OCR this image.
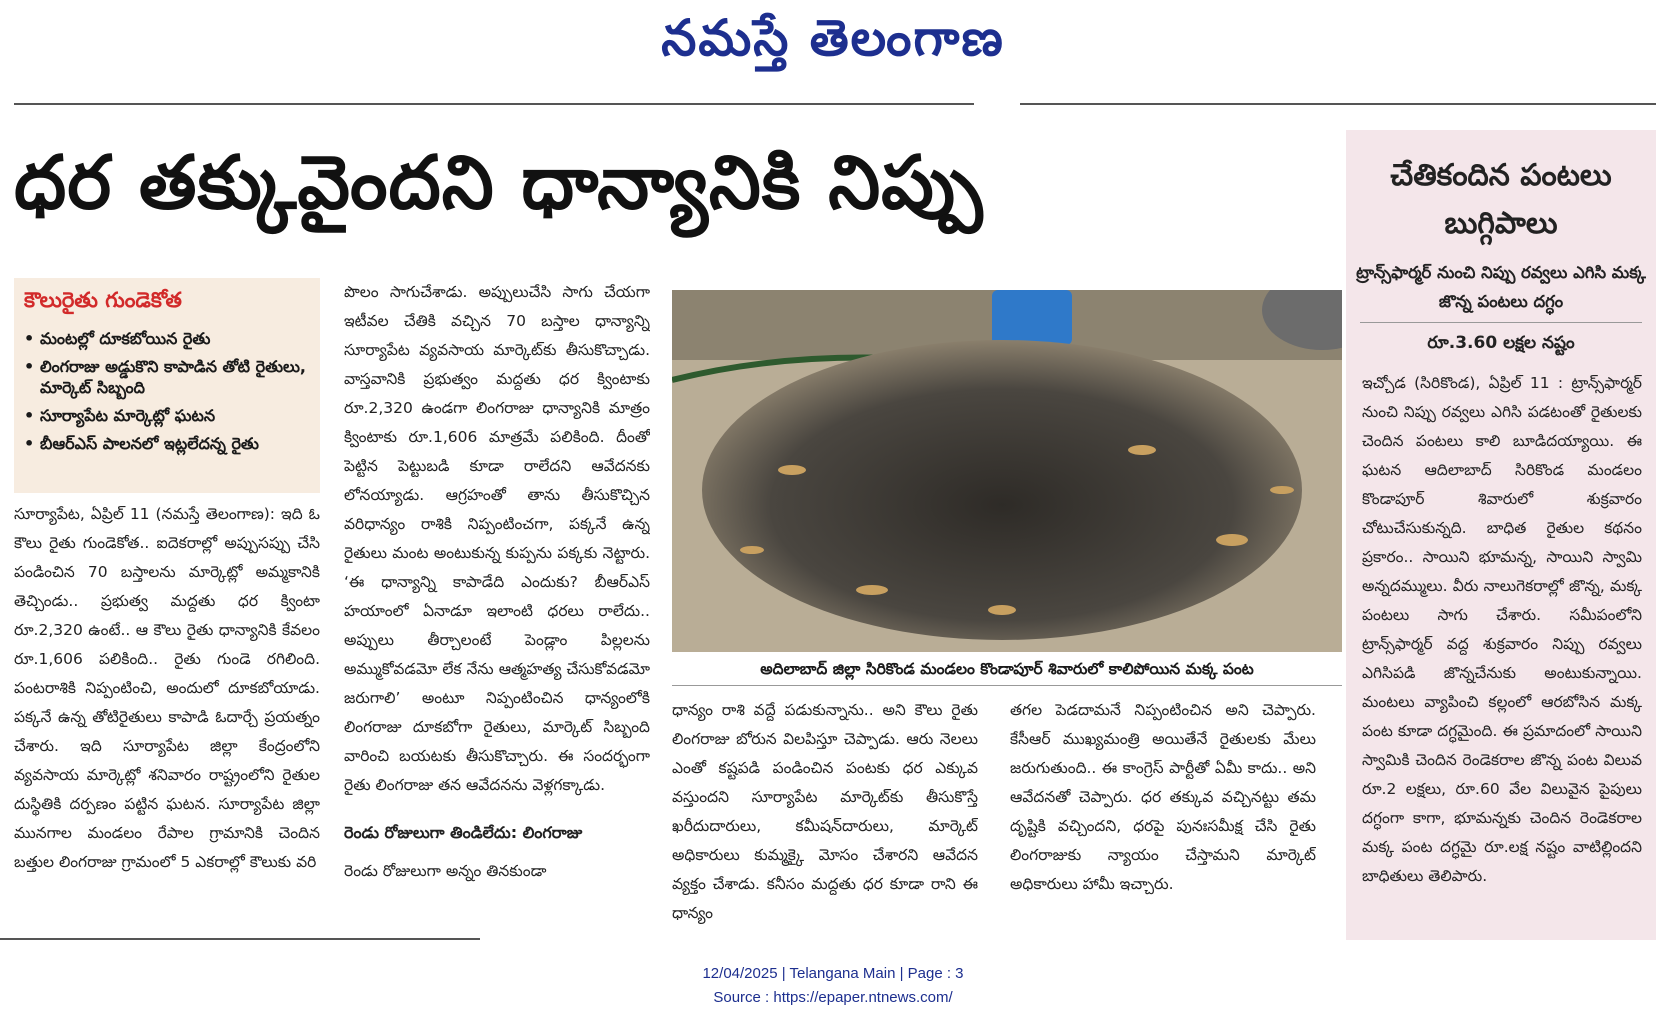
నమస్తే తెలంగాణ
ధర తక్కువైందని ధాన్యానికి నిప్పు
కౌలురైతు గుండెకోత
• మంటల్లో దూకబోయిన రైతు
• లింగరాజు అడ్డుకొని కాపాడిన తోటి రైతులు, మార్కెట్ సిబ్బంది
• సూర్యాపేట మార్కెట్లో ఘటన
• బీఆర్ఎస్ పాలనలో ఇట్లలేదన్న రైతు

సూర్యాపేట, ఏప్రిల్ 11 (నమస్తే తెలంగాణ): ఇది ఓ కౌలు రైతు గుండెకోత.. ఐదెకరాల్లో అప్పుసప్పు చేసి పండించిన 70 బస్తాలను మార్కెట్లో అమ్మకానికి తెచ్చిండు.. ప్రభుత్వ మద్దతు ధర క్వింటా రూ.2,320 ఉంటే.. ఆ కౌలు రైతు ధాన్యానికి కేవలం రూ.1,606 పలికింది.. రైతు గుండె రగిలింది. పంటరాశికి నిప్పంటించి, అందులో దూకబోయాడు. పక్కనే ఉన్న తోటిరైతులు కాపాడి ఓదార్చే ప్రయత్నం చేశారు. ఇది సూర్యాపేట జిల్లా కేంద్రంలోని వ్యవసాయ మార్కెట్లో శనివారం రాష్ట్రంలోని రైతుల దుస్థితికి దర్పణం పట్టిన ఘటన. సూర్యాపేట జిల్లా మునగాల మండలం రేపాల గ్రామానికి చెందిన బత్తుల లింగరాజు గ్రామంలో 5 ఎకరాల్లో కౌలుకు వరి

పొలం సాగుచేశాడు. అప్పులుచేసి సాగు చేయగా ఇటీవల చేతికి వచ్చిన 70 బస్తాల ధాన్యాన్ని సూర్యాపేట వ్యవసాయ మార్కెట్‌కు తీసుకొచ్చాడు. వాస్తవానికి ప్రభుత్వం మద్దతు ధర క్వింటాకు రూ.2,320 ఉండగా లింగరాజు ధాన్యానికి మాత్రం క్వింటాకు రూ.1,606 మాత్రమే పలికింది. దీంతో పెట్టిన పెట్టుబడి కూడా రాలేదని ఆవేదనకు లోనయ్యాడు. ఆగ్రహంతో తాను తీసుకొచ్చిన వరిధాన్యం రాశికి నిప్పంటించగా, పక్కనే ఉన్న రైతులు మంట అంటుకున్న కుప్పను పక్కకు నెట్టారు. ‘ఈ ధాన్యాన్ని కాపాడేది ఎందుకు? బీఆర్ఎస్ హయాంలో ఏనాడూ ఇలాంటి ధరలు రాలేదు.. అప్పులు తీర్చాలంటే పెండ్లాం పిల్లలను అమ్ముకోవడమో లేక నేను ఆత్మహత్య చేసుకోవడమో జరుగాలి’ అంటూ నిప్పంటించిన ధాన్యంలోకి లింగరాజు దూకబోగా రైతులు, మార్కెట్ సిబ్బంది వారించి బయటకు తీసుకొచ్చారు. ఈ సందర్భంగా రైతు లింగరాజు తన ఆవేదనను వెళ్లగక్కాడు.

రెండు రోజులుగా తిండిలేదు: లింగరాజు

రెండు రోజులుగా అన్నం తినకుండా

అదిలాబాద్ జిల్లా సిరికొండ మండలం కొండాపూర్ శివారులో కాలిపోయిన మక్క పంట

ధాన్యం రాశి వద్దే పడుకున్నాను.. అని కౌలు రైతు లింగరాజు బోరున విలపిస్తూ చెప్పాడు. ఆరు నెలలు ఎంతో కష్టపడి పండించిన పంటకు ధర ఎక్కువ వస్తుందని సూర్యాపేట మార్కెట్‌కు తీసుకొస్తే ఖరీదుదారులు, కమీషన్‌దారులు, మార్కెట్ అధికారులు కుమ్మక్కై మోసం చేశారని ఆవేదన వ్యక్తం చేశాడు. కనీసం మద్దతు ధర కూడా రాని ఈ ధాన్యం

తగల పెడదామనే నిప్పంటించిన అని చెప్పారు. కేసీఆర్ ముఖ్యమంత్రి అయితేనే రైతులకు మేలు జరుగుతుంది.. ఈ కాంగ్రెస్ పార్టీతో ఏమీ కాదు.. అని ఆవేదనతో చెప్పారు. ధర తక్కువ వచ్చినట్టు తమ దృష్టికి వచ్చిందని, ధరపై పునఃసమీక్ష చేసి రైతు లింగరాజుకు న్యాయం చేస్తామని మార్కెట్ అధికారులు హామీ ఇచ్చారు.

చేతికందిన పంటలు బుగ్గిపాలు
ట్రాన్స్‌ఫార్మర్ నుంచి నిప్పు రవ్వలు ఎగిసి మక్క జొన్న పంటలు దగ్ధం
రూ.3.60 లక్షల నష్టం
ఇచ్చోడ (సిరికొండ), ఏప్రిల్ 11 : ట్రాన్స్‌ఫార్మర్ నుంచి నిప్పు రవ్వలు ఎగిసి పడటంతో రైతులకు చెందిన పంటలు కాలి బూడిదయ్యాయి. ఈ ఘటన ఆదిలాబాద్ సిరికొండ మండలం కొండాపూర్ శివారులో శుక్రవారం చోటుచేసుకున్నది. బాధిత రైతుల కథనం ప్రకారం.. సాయిని భూమన్న, సాయిని స్వామి అన్నదమ్ములు. వీరు నాలుగెకరాల్లో జొన్న, మక్క పంటలు సాగు చేశారు. సమీపంలోని ట్రాన్స్‌ఫార్మర్ వద్ద శుక్రవారం నిప్పు రవ్వలు ఎగిసిపడి జొన్నచేనుకు అంటుకున్నాయి. మంటలు వ్యాపించి కల్లంలో ఆరబోసిన మక్క పంట కూడా దగ్ధమైంది. ఈ ప్రమాదంలో సాయిని స్వామికి చెందిన రెండెకరాల జొన్న పంట విలువ రూ.2 లక్షలు, రూ.60 వేల విలువైన పైపులు దగ్ధంగా కాగా, భూమన్నకు చెందిన రెండెకరాల మక్క పంట దగ్ధమై రూ.లక్ష నష్టం వాటిల్లిందని బాధితులు తెలిపారు.
12/04/2025 | Telangana Main | Page : 3
Source : https://epaper.ntnews.com/
